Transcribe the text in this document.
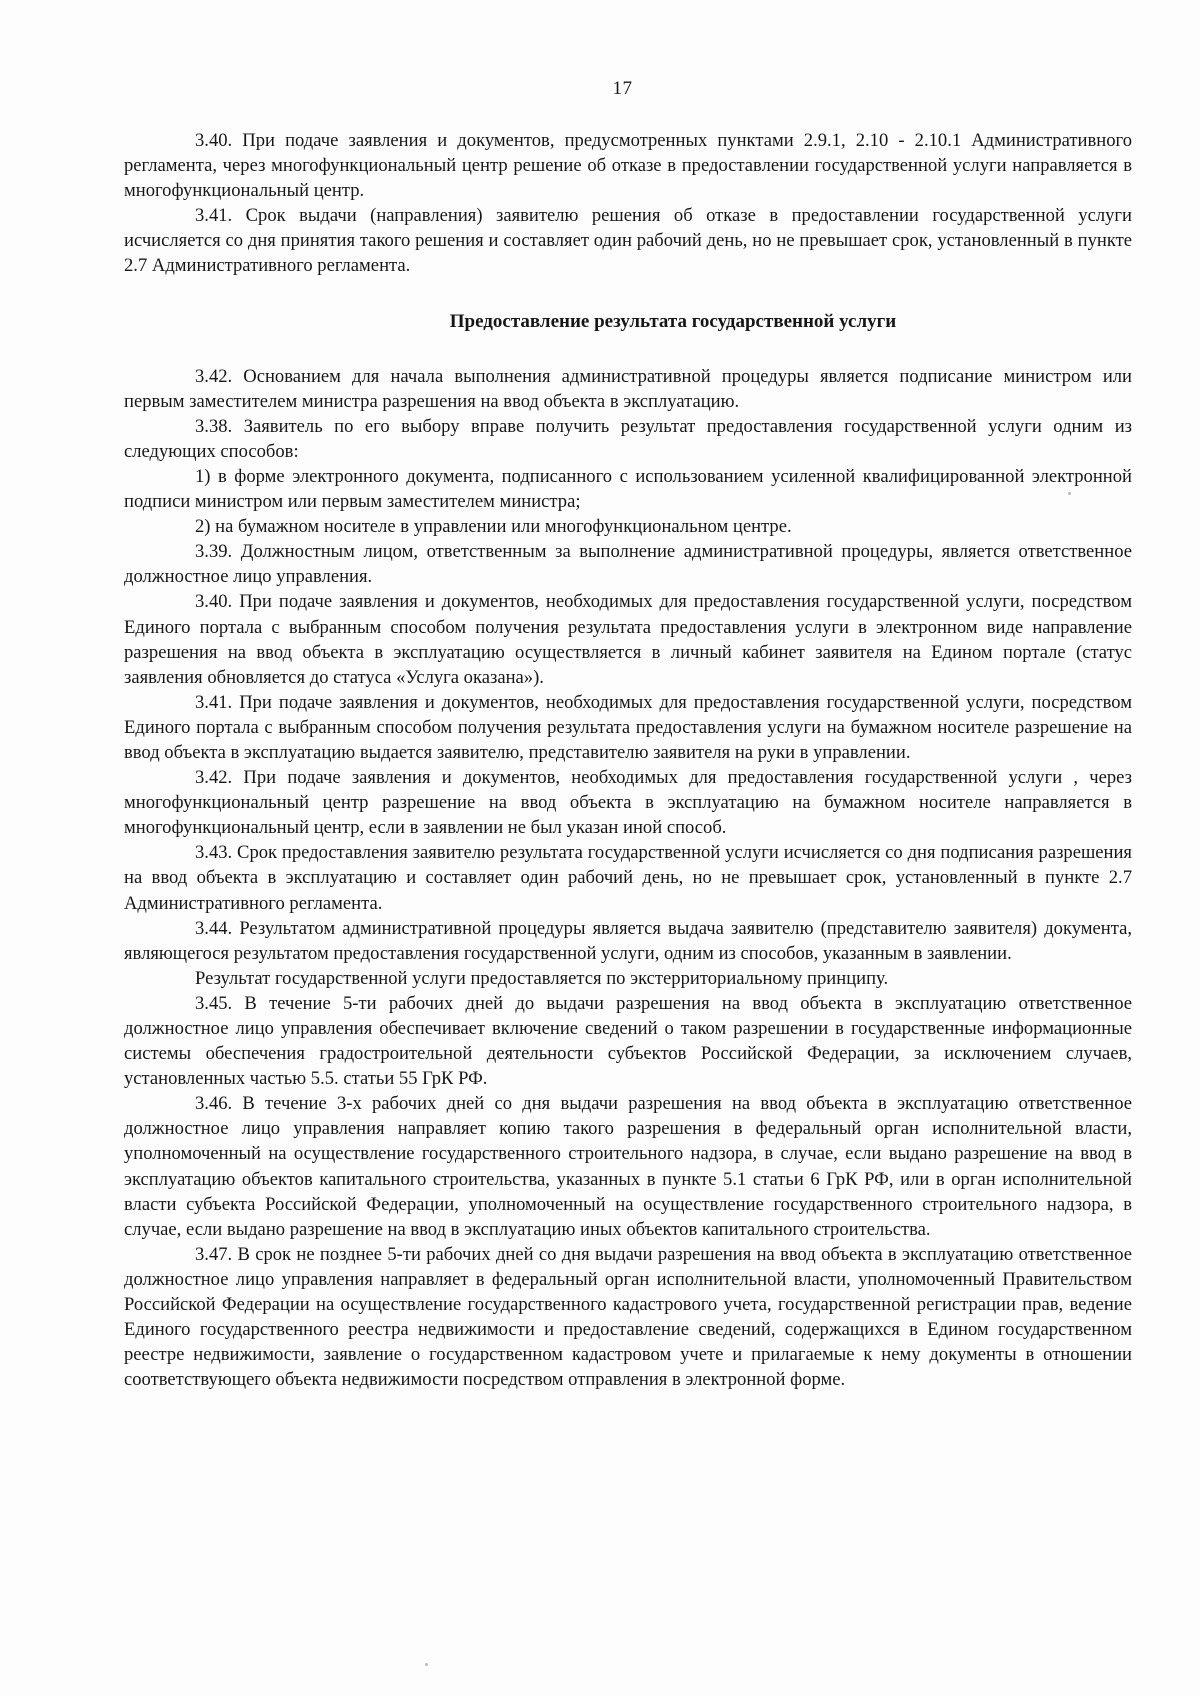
17

3.40. При подаче заявления и документов, предусмотренных пунктами 2.9.1, 2.10 - 2.10.1 Административного регламента, через многофункциональный центр решение об отказе в предоставлении государственной услуги направляется в многофункциональный центр.

3.41. Срок выдачи (направления) заявителю решения об отказе в предоставлении государственной услуги исчисляется со дня принятия такого решения и составляет один рабочий день, но не превышает срок, установленный в пункте 2.7 Административного регламента.

Предоставление результата государственной услуги

3.42. Основанием для начала выполнения административной процедуры является подписание министром или первым заместителем министра разрешения на ввод объекта в эксплуатацию.

3.38. Заявитель по его выбору вправе получить результат предоставления государственной услуги одним из следующих способов:

1) в форме электронного документа, подписанного с использованием усиленной квалифицированной электронной подписи министром или первым заместителем министра;

2) на бумажном носителе в управлении или многофункциональном центре.

3.39. Должностным лицом, ответственным за выполнение административной процедуры, является ответственное должностное лицо управления.

3.40. При подаче заявления и документов, необходимых для предоставления государственной услуги, посредством Единого портала с выбранным способом получения результата предоставления услуги в электронном виде направление разрешения на ввод объекта в эксплуатацию осуществляется в личный кабинет заявителя на Едином портале (статус заявления обновляется до статуса «Услуга оказана»).

3.41. При подаче заявления и документов, необходимых для предоставления государственной услуги, посредством Единого портала с выбранным способом получения результата предоставления услуги на бумажном носителе разрешение на ввод объекта в эксплуатацию выдается заявителю, представителю заявителя на руки в управлении.

3.42. При подаче заявления и документов, необходимых для предоставления государственной услуги , через многофункциональный центр разрешение на ввод объекта в эксплуатацию на бумажном носителе направляется в многофункциональный центр, если в заявлении не был указан иной способ.

3.43. Срок предоставления заявителю результата государственной услуги исчисляется со дня подписания разрешения на ввод объекта в эксплуатацию и составляет один рабочий день, но не превышает срок, установленный в пункте 2.7 Административного регламента.

3.44. Результатом административной процедуры является выдача заявителю (представителю заявителя) документа, являющегося результатом предоставления государственной услуги, одним из способов, указанным в заявлении.

Результат государственной услуги предоставляется по экстерриториальному принципу.

3.45. В течение 5-ти рабочих дней до выдачи разрешения на ввод объекта в эксплуатацию ответственное должностное лицо управления обеспечивает включение сведений о таком разрешении в государственные информационные системы обеспечения градостроительной деятельности субъектов Российской Федерации, за исключением случаев, установленных частью 5.5. статьи 55 ГрК РФ.

3.46. В течение 3-х рабочих дней со дня выдачи разрешения на ввод объекта в эксплуатацию ответственное должностное лицо управления направляет копию такого разрешения в федеральный орган исполнительной власти, уполномоченный на осуществление государственного строительного надзора, в случае, если выдано разрешение на ввод в эксплуатацию объектов капитального строительства, указанных в пункте 5.1 статьи 6 ГрК РФ, или в орган исполнительной власти субъекта Российской Федерации, уполномоченный на осуществление государственного строительного надзора, в случае, если выдано разрешение на ввод в эксплуатацию иных объектов капитального строительства.

3.47. В срок не позднее 5-ти рабочих дней со дня выдачи разрешения на ввод объекта в эксплуатацию ответственное должностное лицо управления направляет в федеральный орган исполнительной власти, уполномоченный Правительством Российской Федерации на осуществление государственного кадастрового учета, государственной регистрации прав, ведение Единого государственного реестра недвижимости и предоставление сведений, содержащихся в Едином государственном реестре недвижимости, заявление о государственном кадастровом учете и прилагаемые к нему документы в отношении соответствующего объекта недвижимости посредством отправления в электронной форме.
